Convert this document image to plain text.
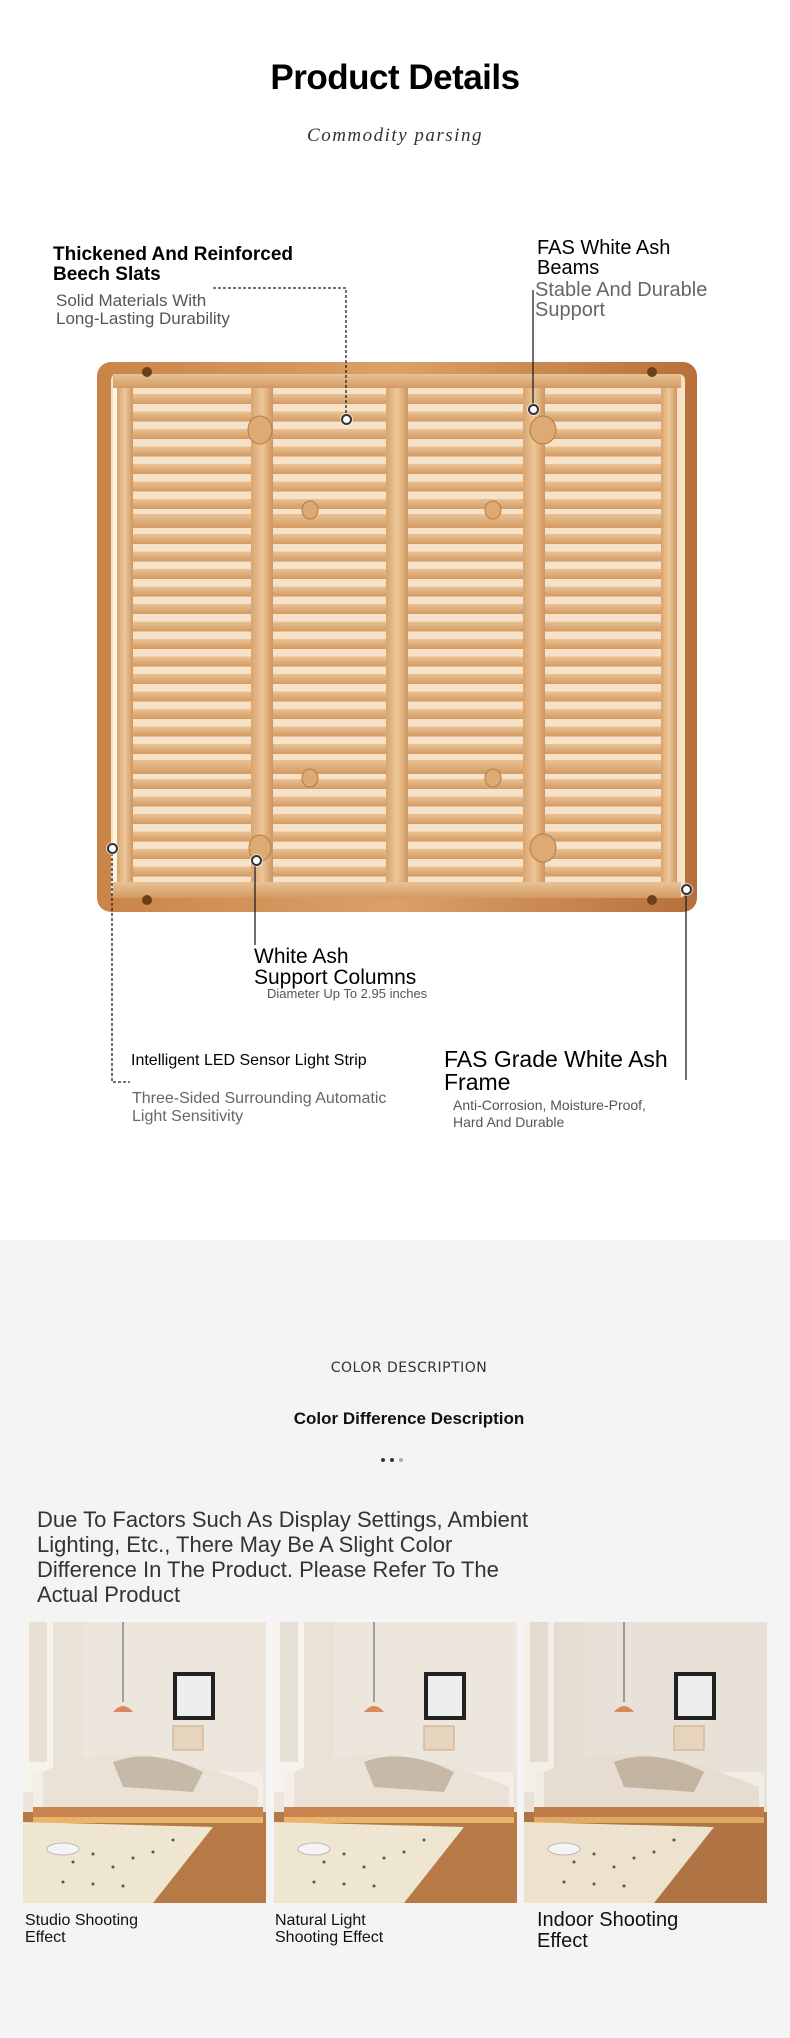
Product Details
Commodity parsing
Thickened And Reinforced
Beech Slats
Solid Materials With
Long-Lasting Durability
FAS White Ash
Beams
Stable And Durable
Support
White Ash
Support Columns
Diameter Up To 2.95 inches
Intelligent LED Sensor Light Strip
Three-Sided Surrounding Automatic
Light Sensitivity
FAS Grade White Ash
Frame
Anti-Corrosion, Moisture-Proof,
Hard And Durable
COLOR DESCRIPTION
Color Difference Description
Due To Factors Such As Display Settings, Ambient
Lighting, Etc., There May Be A Slight Color
Difference In The Product. Please Refer To The
Actual Product
Studio Shooting
Effect
Natural Light
Shooting Effect
Indoor Shooting
Effect
